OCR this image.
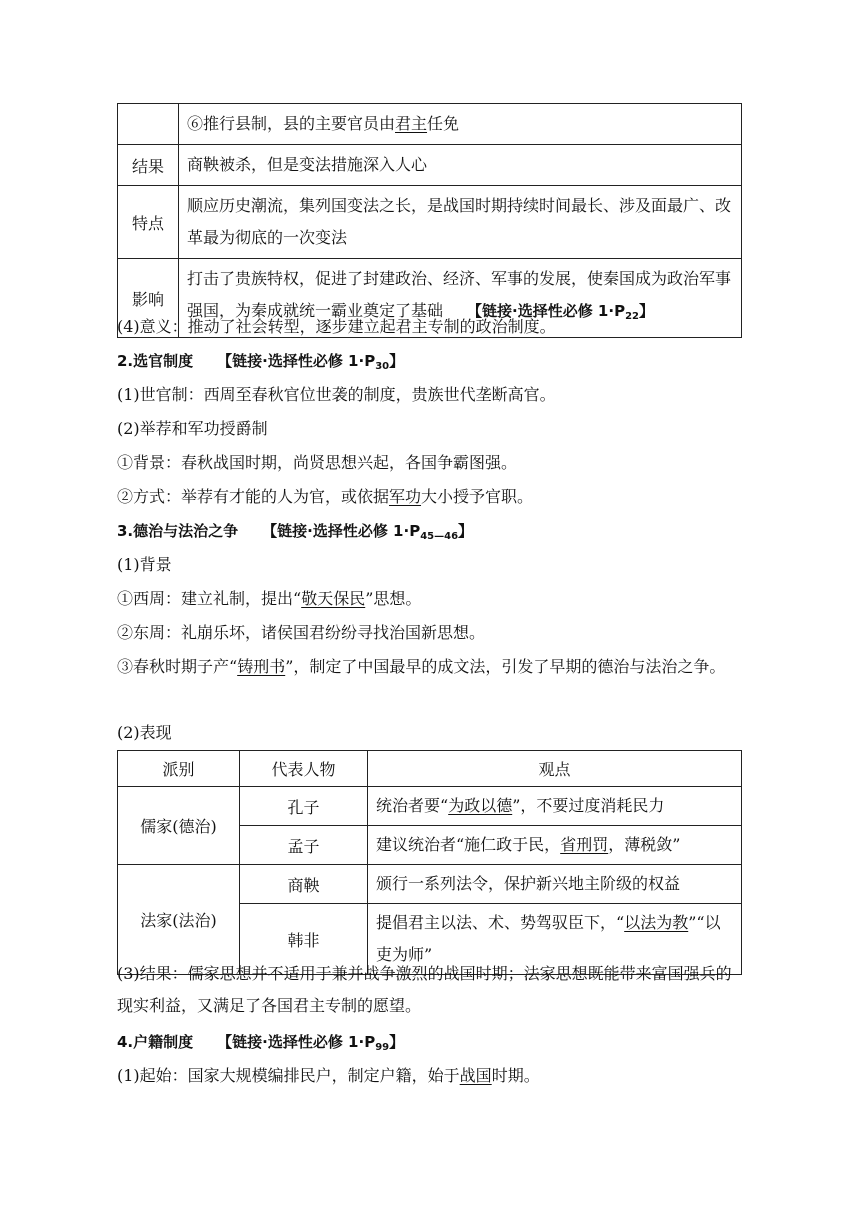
	⑥推行县制，县的主要官员由君主任免
结果	商鞅被杀，但是变法措施深入人心
特点	顺应历史潮流，集列国变法之长，是战国时期持续时间最长、涉及面最广、改革最为彻底的一次变法
影响	打击了贵族特权，促进了封建政治、经济、军事的发展，使秦国成为政治军事强国，为秦成就统一霸业奠定了基础 【链接·选择性必修 $1\cdot P_{22}$】
(4)意义：推动了社会转型，逐步建立起君主专制的政治制度。
2.选官制度 【链接·选择性必修 $1\cdot P_{30}$】
(1)世官制：西周至春秋官位世袭的制度，贵族世代垄断高官。
(2)举荐和军功授爵制
①背景：春秋战国时期，尚贤思想兴起，各国争霸图强。
②方式：举荐有才能的人为官，或依据军功大小授予官职。
3.德治与法治之争 【链接·选择性必修 $1\cdot P_{45—46}$】
(1)背景
①西周：建立礼制，提出“敬天保民”思想。
②东周：礼崩乐坏，诸侯国君纷纷寻找治国新思想。
③春秋时期子产“铸刑书”，制定了中国最早的成文法，引发了早期的德治与法治之争。
(2)表现
派别	代表人物	观点
儒家(德治)	孔子	统治者要“为政以德”，不要过度消耗民力
	孟子	建议统治者“施仁政于民，省刑罚，薄税敛”
法家(法治)	商鞅	颁行一系列法令，保护新兴地主阶级的权益
	韩非	提倡君主以法、术、势驾驭臣下，“以法为教”“以吏为师”
(3)结果：儒家思想并不适用于兼并战争激烈的战国时期；法家思想既能带来富国强兵的现实利益，又满足了各国君主专制的愿望。
4.户籍制度 【链接·选择性必修 $1\cdot P_{99}$】
(1)起始：国家大规模编排民户，制定户籍，始于战国时期。
